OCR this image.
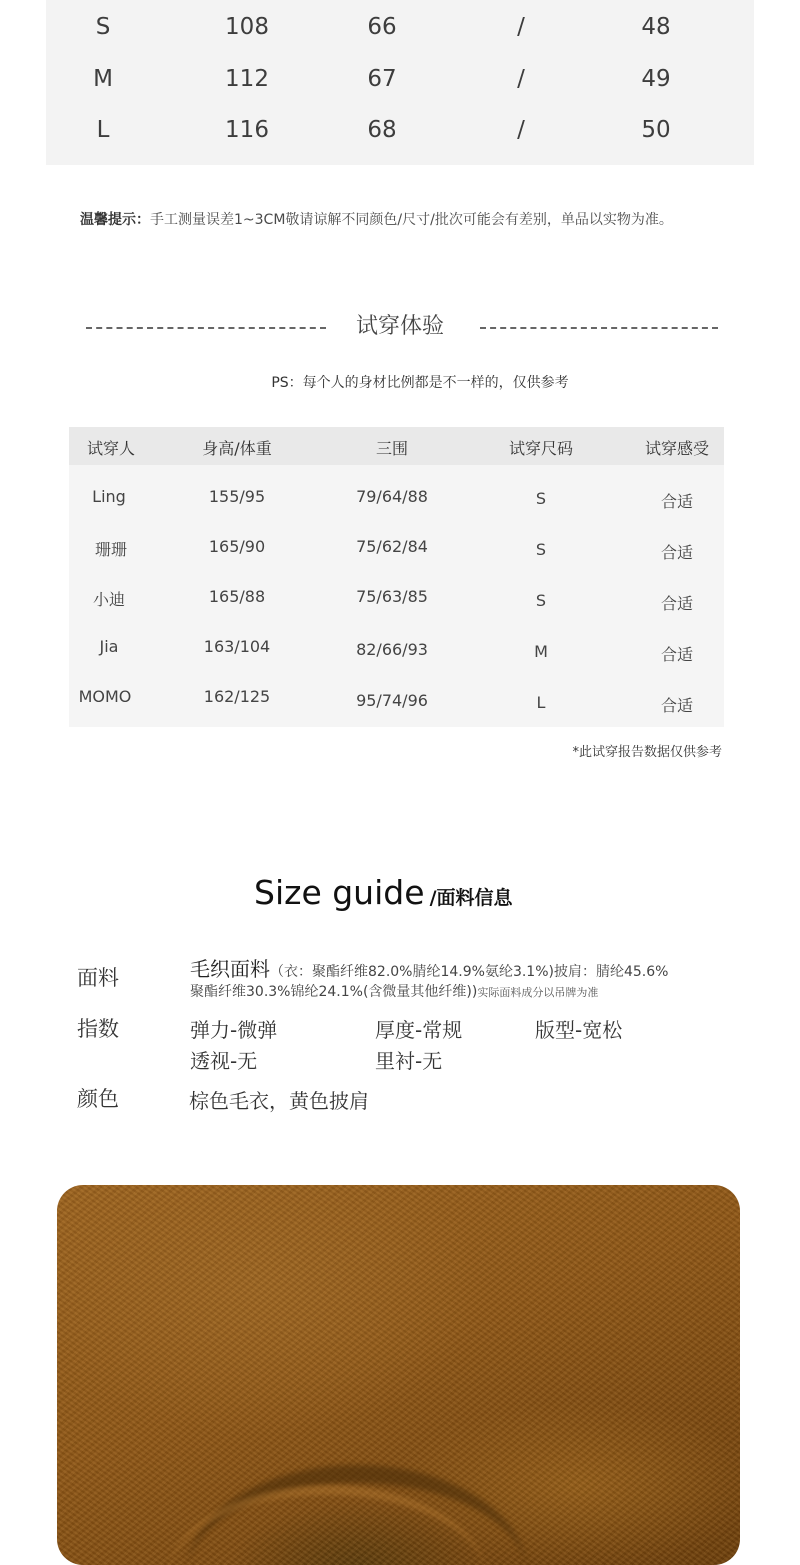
S	108	66	/	48
M	112	67	/	49
L	116	68	/	50
温馨提示：手工测量误差1~3CM敬请谅解不同颜色/尺寸/批次可能会有差别，单品以实物为准。
试穿体验
PS：每个人的身材比例都是不一样的，仅供参考
试穿人	身高/体重	三围	试穿尺码	试穿感受
Ling	155/95	79/64/88	S	合适
珊珊	165/90	75/62/84	S	合适
小迪	165/88	75/63/85	S	合适
Jia	163/104	82/66/93	M	合适
MOMO	162/125	95/74/96	L	合适
*此试穿报告数据仅供参考
Size guide /面料信息
面料	毛织面料（衣：聚酯纤维82.0%腈纶14.9%氨纶3.1%)披肩：腈纶45.6%
聚酯纤维30.3%锦纶24.1%(含微量其他纤维))实际面料成分以吊牌为准
指数	弹力-微弹	厚度-常规	版型-宽松
透视-无	里衬-无
颜色	棕色毛衣，黄色披肩
